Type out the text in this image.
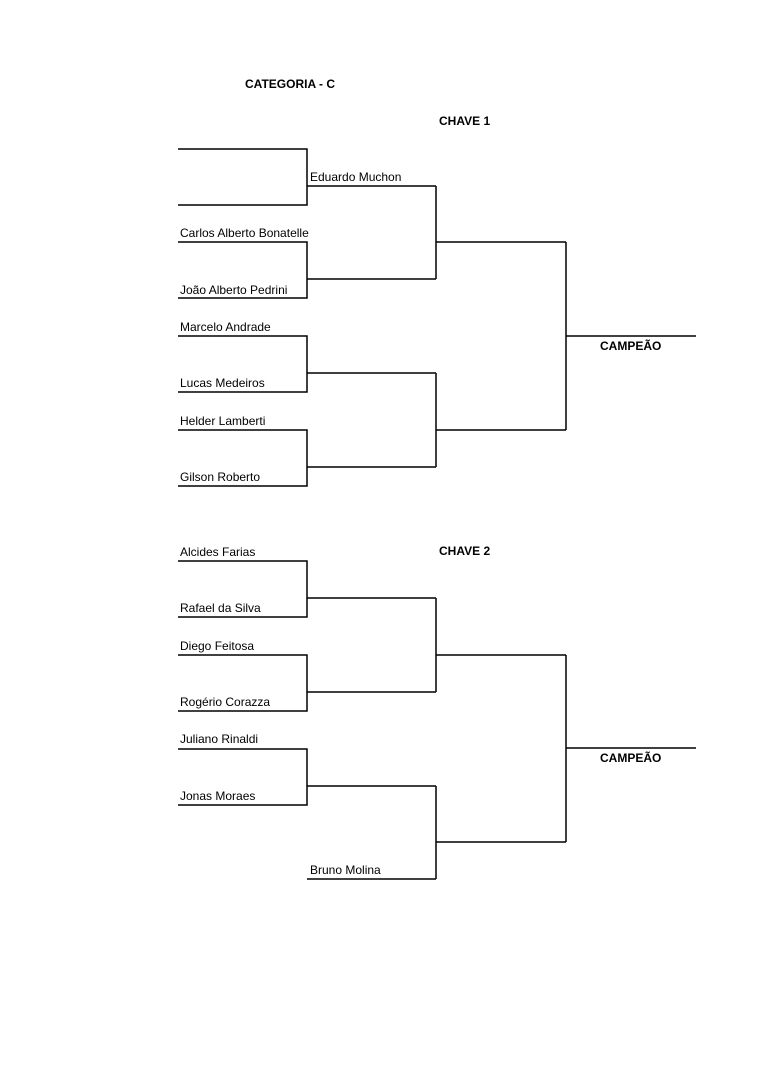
CATEGORIA - C
CHAVE 1
CAMPEÃO
CHAVE 2
CAMPEÃO
Eduardo Muchon
Carlos Alberto Bonatelle
João Alberto Pedrini
Marcelo Andrade
Lucas Medeiros
Helder Lamberti
Gilson Roberto
Alcides Farias
Rafael da Silva
Diego Feitosa
Rogério Corazza
Juliano Rinaldi
Jonas Moraes
Bruno Molina
